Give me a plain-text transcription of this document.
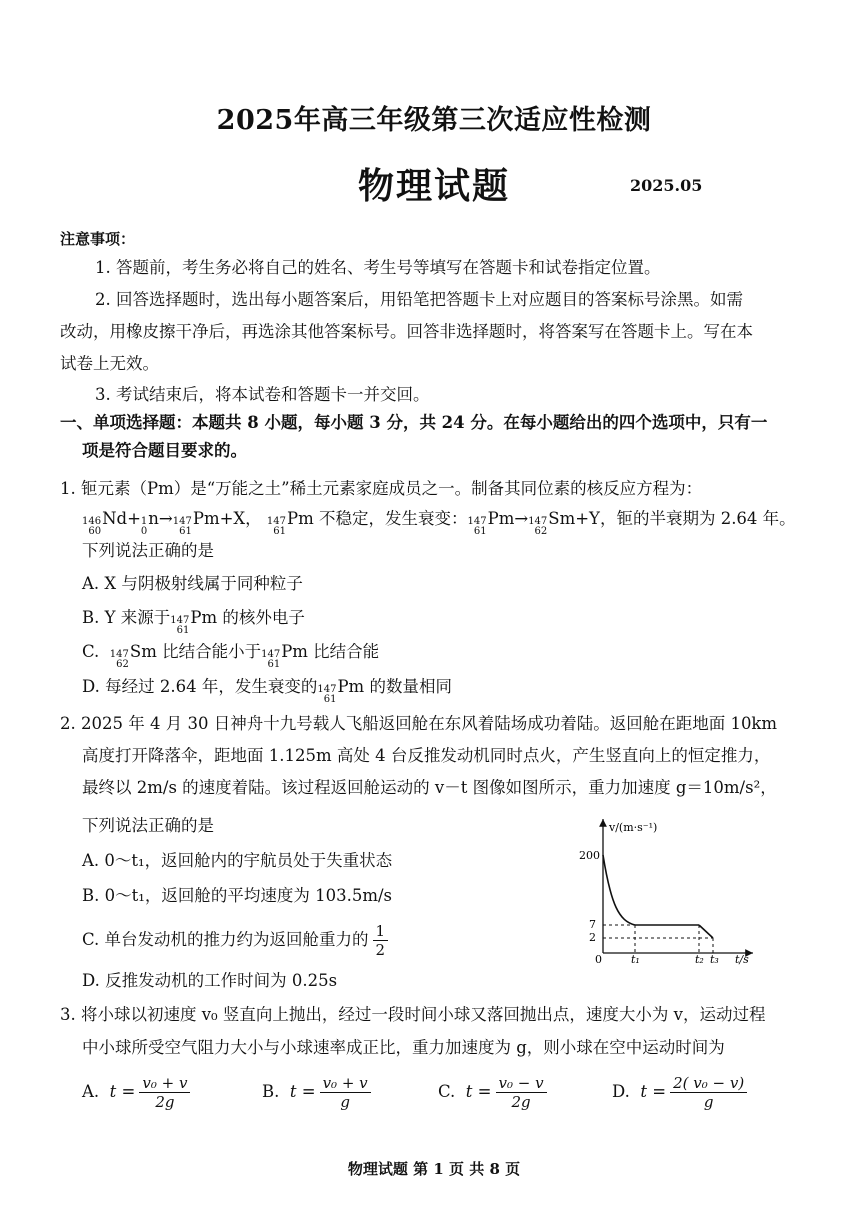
2025年高三年级第三次适应性检测
物理试题	2025.05
注意事项：
1. 答题前，考生务必将自己的姓名、考生号等填写在答题卡和试卷指定位置。
2. 回答选择题时，选出每小题答案后，用铅笔把答题卡上对应题目的答案标号涂黑。如需
改动，用橡皮擦干净后，再选涂其他答案标号。回答非选择题时，将答案写在答题卡上。写在本
试卷上无效。
3. 考试结束后，将本试卷和答题卡一并交回。
一、单项选择题：本题共 8 小题，每小题 3 分，共 24 分。在每小题给出的四个选项中，只有一
项是符合题目要求的。
1. 钷元素（Pm）是“万能之土”稀土元素家庭成员之一。制备其同位素的核反应方程为：
146
60
Nd+ 1
0
n→ 147
61
Pm+X， 147
61
Pm 不稳定，发生衰变： 147
61
Pm→ 147
62
Sm+Y，钷的半衰期为 2.64 年。
下列说法正确的是
A. X 与阴极射线属于同种粒子
B. Y 来源于 147
61
Pm 的核外电子
C. 147
62
Sm 比结合能小于 147
61
Pm 比结合能
D. 每经过 2.64 年，发生衰变的 147
61
Pm 的数量相同
2. 2025 年 4 月 30 日神舟十九号载人飞船返回舱在东风着陆场成功着陆。返回舱在距地面 10km
高度打开降落伞，距地面 1.125m 高处 4 台反推发动机同时点火，产生竖直向上的恒定推力，
最终以 2m/s 的速度着陆。该过程返回舱运动的 v－t 图像如图所示，重力加速度 g＝10m/s²，
下列说法正确的是
A. 0～t₁，返回舱内的宇航员处于失重状态
B. 0～t₁，返回舱的平均速度为 103.5m/s
C. 单台发动机的推力约为返回舱重力的 $\frac{1}{2}$
D. 反推发动机的工作时间为 0.25s
v/(m·s⁻¹)
t/s
200
7
2
0	t₁	t₂ t₃
3. 将小球以初速度 v₀ 竖直向上抛出，经过一段时间小球又落回抛出点，速度大小为 v，运动过程
中小球所受空气阻力大小与小球速率成正比，重力加速度为 g，则小球在空中运动时间为
A. $t = \frac{\text{v₀ + v}}{2g}$	B. $t = \frac{\text{v₀ + v}}{g}$	C. $t = \frac{\text{v₀ − v}}{2g}$	D. $t = \frac{\text{2( v₀ − v)}}{g}$
物理试题 第 1 页 共 8 页
